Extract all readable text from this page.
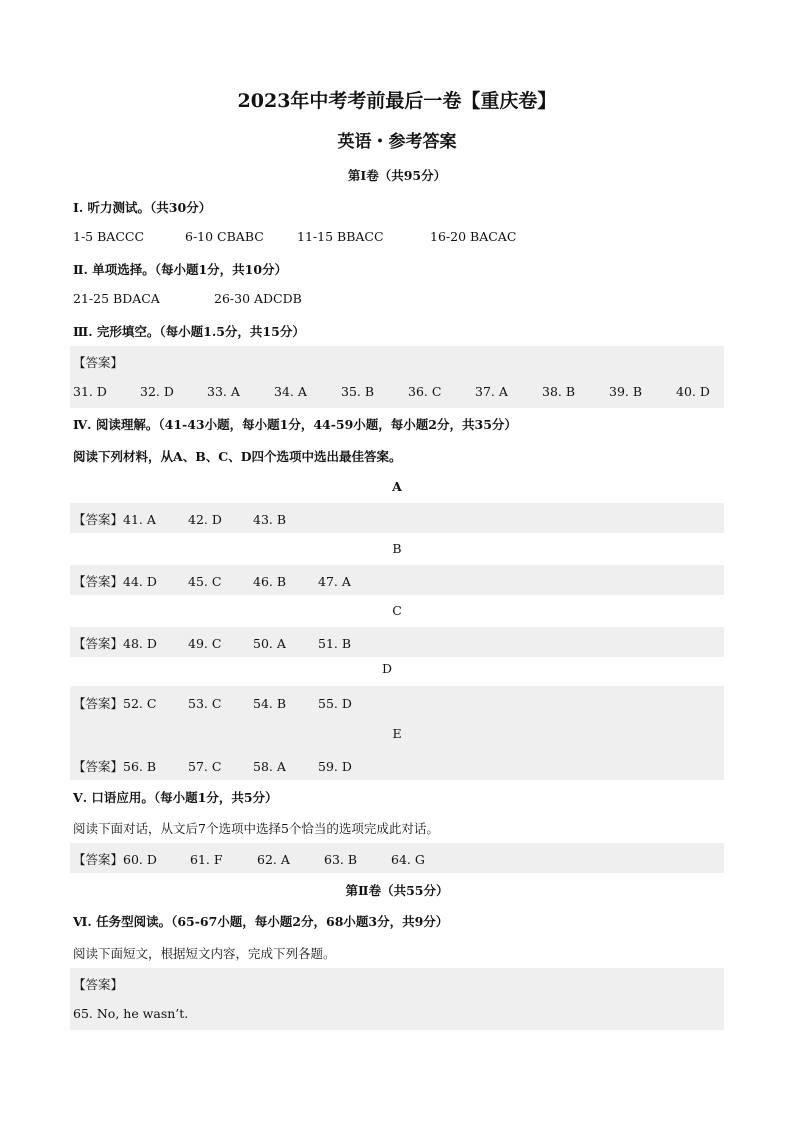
2023年中考考前最后一卷【重庆卷】
英语・参考答案
第Ⅰ卷（共95分）
Ⅰ. 听力测试。（共30分）
1-5 BACCC	6-10 CBABC	11-15 BBACC	16-20 BACAC
Ⅱ. 单项选择。（每小题1分，共10分）
21-25 BDACA	26-30 ADCDB
Ⅲ. 完形填空。（每小题1.5分，共15分）
【答案】
31. D	32. D	33. A	34. A	35. B	36. C	37. A	38. B	39. B	40. D
Ⅳ. 阅读理解。（41-43小题，每小题1分，44-59小题，每小题2分，共35分）
阅读下列材料，从A、B、C、D四个选项中选出最佳答案。
A
【答案】 41. A	42. D	43. B
B
【答案】 44. D	45. C	46. B	47. A
C
【答案】 48. D	49. C	50. A	51. B
D
【答案】 52. C	53. C	54. B	55. D
E
【答案】 56. B	57. C	58. A	59. D
Ⅴ. 口语应用。（每小题1分，共5分）
阅读下面对话，从文后7个选项中选择5个恰当的选项完成此对话。
【答案】 60. D	61. F	62. A	63. B	64. G
第Ⅱ卷（共55分）
Ⅵ. 任务型阅读。（65-67小题，每小题2分，68小题3分，共9分）
阅读下面短文，根据短文内容，完成下列各题。
【答案】
65. No, he wasn’t.
